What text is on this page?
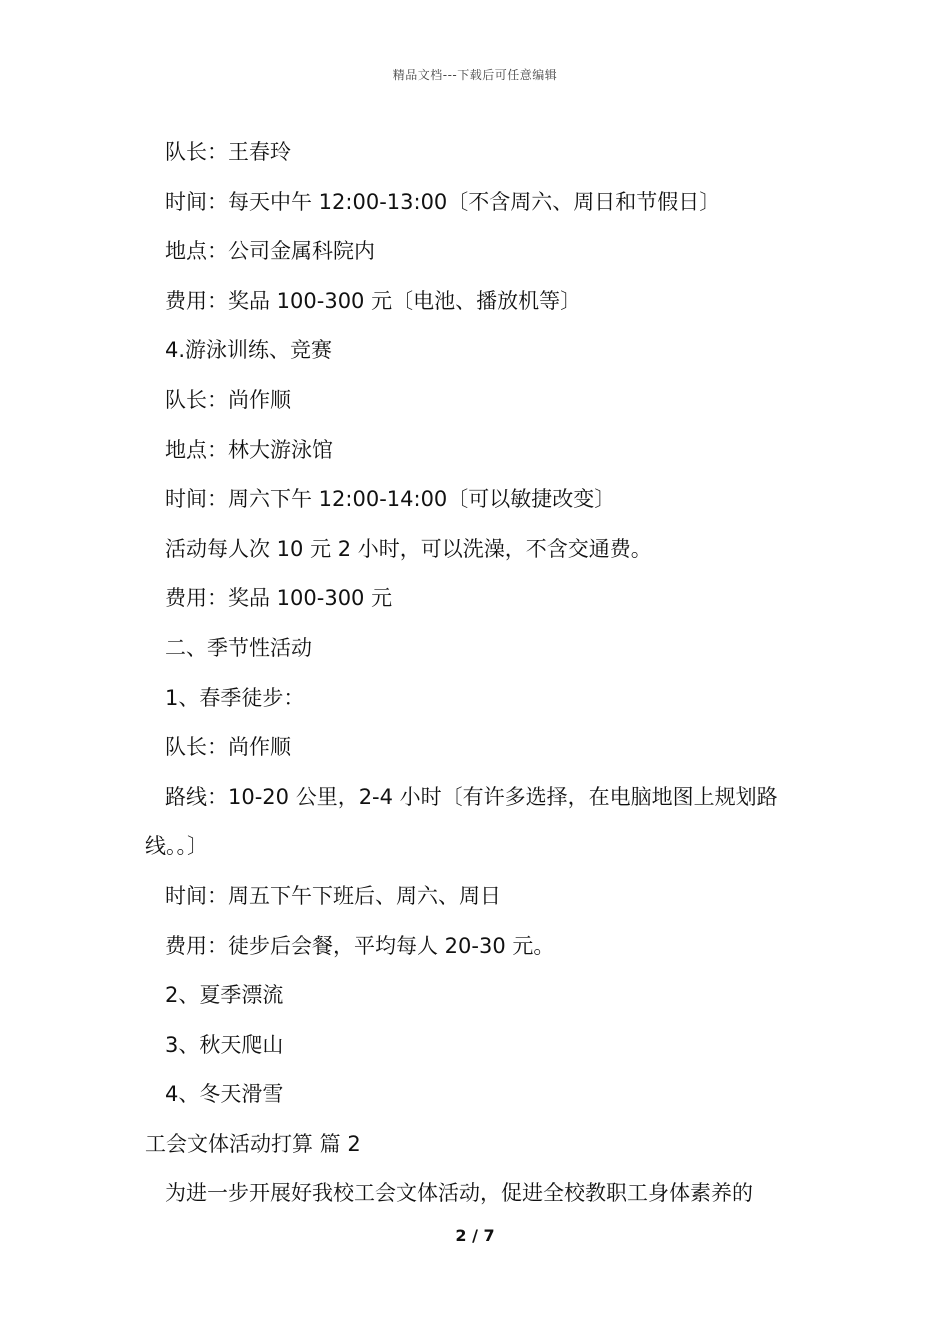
精品文档---下载后可任意编辑
队长：王春玲
时间：每天中午 12:00-13:00〔不含周六、周日和节假日〕
地点：公司金属科院内
费用：奖品 100-300 元〔电池、播放机等〕
4.游泳训练、竞赛
队长：尚作顺
地点：林大游泳馆
时间：周六下午 12:00-14:00〔可以敏捷改变〕
活动每人次 10 元 2 小时，可以洗澡，不含交通费。
费用：奖品 100-300 元
二、季节性活动
1、春季徒步：
队长：尚作顺
路线：10-20 公里，2-4 小时〔有许多选择，在电脑地图上规划路线。。〕
时间：周五下午下班后、周六、周日
费用：徒步后会餐，平均每人 20-30 元。
2、夏季漂流
3、秋天爬山
4、冬天滑雪
工会文体活动打算 篇 2
为进一步开展好我校工会文体活动，促进全校教职工身体素养的
2 / 7
